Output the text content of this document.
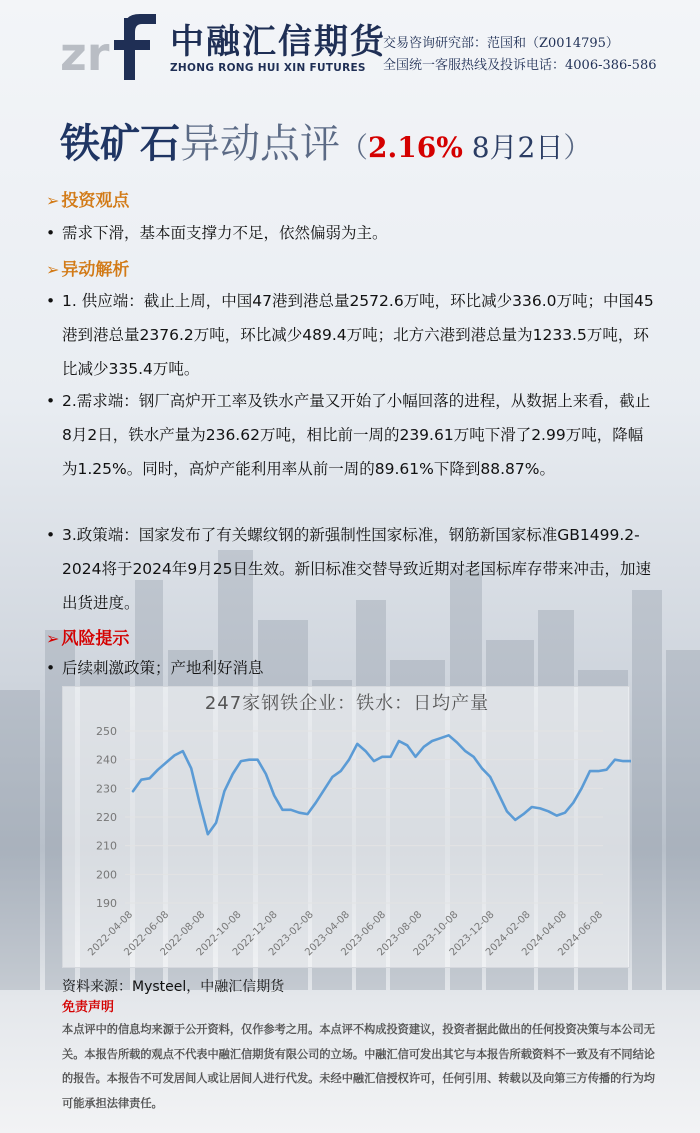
zr 中融汇信期货
ZHONG RONG HUI XIN FUTURES
交易咨询研究部：范国和（Z0014795）
全国统一客服热线及投诉电话：4006-386-586
铁矿石异动点评（2.16% 8月2日）
➢ 投资观点
• 需求下滑，基本面支撑力不足，依然偏弱为主。
➢ 异动解析
• 1. 供应端：截止上周，中国47港到港总量2572.6万吨，环比减少336.0万吨；中国45港到港总量2376.2万吨，环比减少489.4万吨；北方六港到港总量为1233.5万吨，环比减少335.4万吨。
• 2.需求端：钢厂高炉开工率及铁水产量又开始了小幅回落的进程，从数据上来看，截止8月2日，铁水产量为236.62万吨，相比前一周的239.61万吨下滑了2.99万吨，降幅为1.25%。同时，高炉产能利用率从前一周的89.61%下降到88.87%。
• 3.政策端：国家发布了有关螺纹钢的新强制性国家标准，钢筋新国家标准GB1499.2-2024将于2024年9月25日生效。新旧标准交替导致近期对老国标库存带来冲击，加速出货进度。
➢ 风险提示
• 后续刺激政策；产地利好消息
190
200
210
220
230
240
250
2022-04-08
2022-06-08
2022-08-08
2022-10-08
2022-12-08
2023-02-08
2023-04-08
2023-06-08
2023-08-08
2023-10-08
2023-12-08
2024-02-08
2024-04-08
2024-06-08
247家钢铁企业：铁水：日均产量
资料来源：Mysteel，中融汇信期货
免责声明
本点评中的信息均来源于公开资料，仅作参考之用。本点评不构成投资建议，投资者据此做出的任何投资决策与本公司无关。本报告所载的观点不代表中融汇信期货有限公司的立场。中融汇信可发出其它与本报告所载资料不一致及有不同结论的报告。本报告不可发居间人或让居间人进行代发。未经中融汇信授权许可，任何引用、转载以及向第三方传播的行为均可能承担法律责任。
